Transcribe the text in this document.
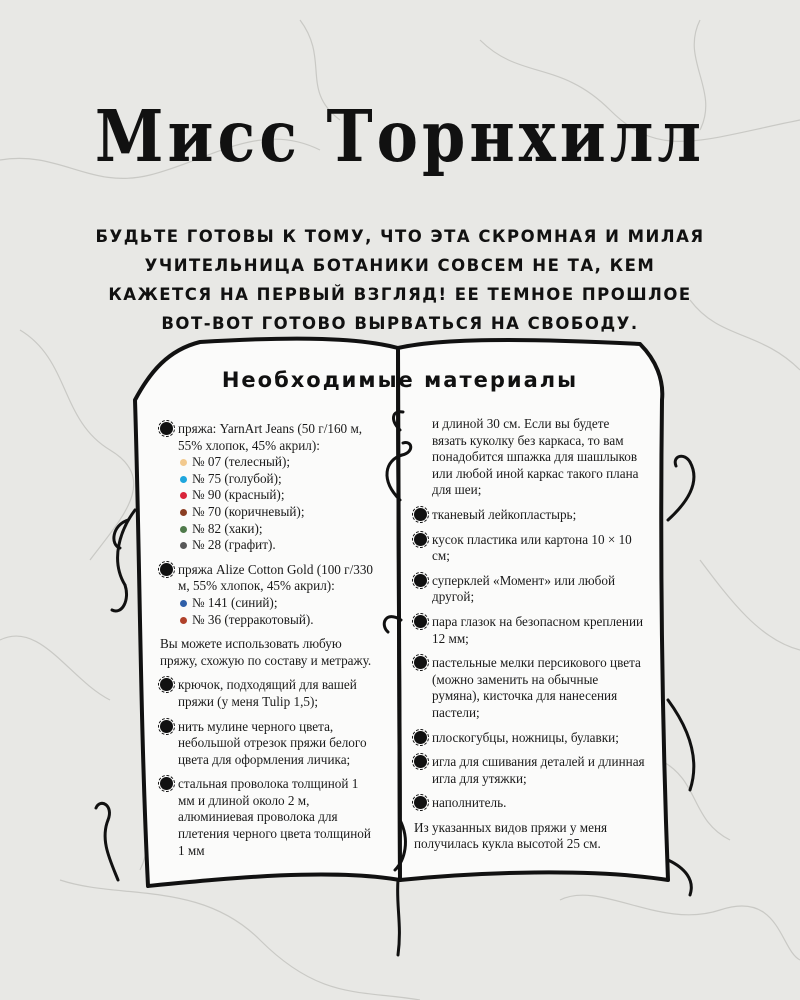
Мисс Торнхилл
БУДЬТЕ ГОТОВЫ К ТОМУ, ЧТО ЭТА СКРОМНАЯ И МИЛАЯ УЧИТЕЛЬНИЦА БОТАНИКИ СОВСЕМ НЕ ТА, КЕМ КАЖЕТСЯ НА ПЕРВЫЙ ВЗГЛЯД! ЕЕ ТЕМНОЕ ПРОШЛОЕ ВОТ-ВОТ ГОТОВО ВЫРВАТЬСЯ НА СВОБОДУ.
Необходимые материалы
пряжа: YarnArt Jeans (50 г/160 м, 55% хлопок, 45% акрил):
№ 07 (телесный);
№ 75 (голубой);
№ 90 (красный);
№ 70 (коричневый);
№ 82 (хаки);
№ 28 (графит).
пряжа Alize Cotton Gold (100 г/330 м, 55% хлопок, 45% акрил):
№ 141 (синий);
№ 36 (терракотовый).
Вы можете использовать любую пряжу, схожую по составу и метражу.
крючок, подходящий для вашей пряжи (у меня Tulip 1,5);
нить мулине черного цвета, небольшой отрезок пряжи белого цвета для оформления личика;
стальная проволока толщиной 1 мм и длиной около 2 м, алюминиевая проволока для плетения черного цвета толщиной 1 мм
и длиной 30 см. Если вы будете вязать куколку без каркаса, то вам понадобится шпажка для шашлыков или любой иной каркас такого плана для шеи;
тканевый лейкопластырь;
кусок пластика или картона 10 × 10 см;
суперклей «Момент» или любой другой;
пара глазок на безопасном креплении 12 мм;
пастельные мелки персикового цвета (можно заменить на обычные румяна), кисточка для нанесения пастели;
плоскогубцы, ножницы, булавки;
игла для сшивания деталей и длинная игла для утяжки;
наполнитель.
Из указанных видов пряжи у меня получилась кукла высотой 25 см.
